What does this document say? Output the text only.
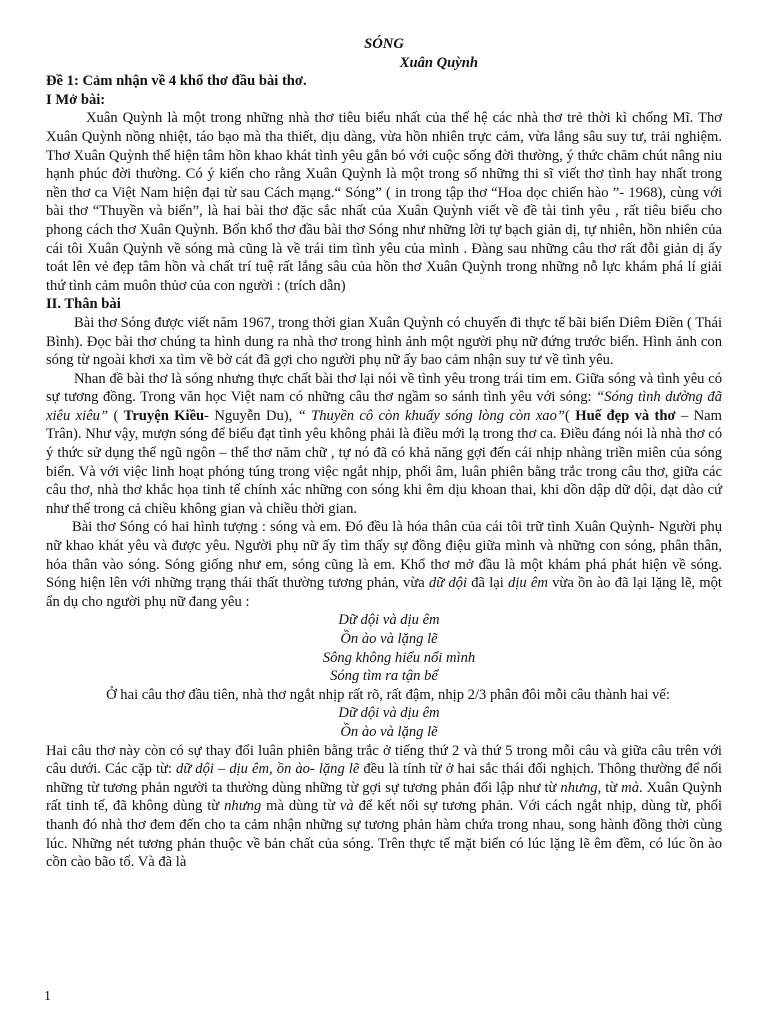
SÓNG

Xuân Quỳnh

Đề 1: Cảm nhận về 4 khổ thơ đầu bài thơ.

I Mở bài:

Xuân Quỳnh là một trong những nhà thơ tiêu biểu nhất của thế hệ các nhà thơ trẻ thời kì chống Mĩ. Thơ Xuân Quỳnh nồng nhiệt, táo bạo mà tha thiết, dịu dàng, vừa hồn nhiên trực cảm, vừa lắng sâu suy tư, trải nghiệm. Thơ Xuân Quỳnh thể hiện tâm hồn khao khát tình yêu gắn bó với cuộc sống đời thường, ý thức chăm chút nâng niu hạnh phúc đời thường. Có ý kiến cho rằng Xuân Quỳnh là một trong số những thi sĩ viết thơ tình hay nhất trong nền thơ ca Việt Nam hiện đại từ sau Cách mạng.“ Sóng” ( in trong tập thơ “Hoa dọc chiến hào ”- 1968), cùng với bài thơ “Thuyền và biển”, là hai bài thơ đặc sắc nhất của Xuân Quỳnh viết về đề tài tình yêu , rất tiêu biểu cho phong cách thơ Xuân Quỳnh. Bốn khổ thơ đầu bài thơ Sóng như những lời tự bạch giản dị, tự nhiên, hồn nhiên của cái tôi Xuân Quỳnh về sóng mà cũng là về trái tim tình yêu của mình . Đàng sau những câu thơ rất đỗi giản dị ấy toát lên vẻ đẹp tâm hồn và chất trí tuệ rất lắng sâu của hồn thơ Xuân Quỳnh trong những nỗ lực khám phá lí giải thứ tình cảm muôn thủơ của con người : (trích dẫn)

II. Thân bài

Bài thơ Sóng được viết năm 1967, trong thời gian Xuân Quỳnh có chuyến đi thực tế bãi biển Diêm Điền ( Thái Bình). Đọc bài thơ chúng ta hình dung ra nhà thơ trong hình ảnh một người phụ nữ đứng trước biển. Hình ảnh con sóng từ ngoài khơi xa tìm về bờ cát đã gợi cho người phụ nữ ấy bao cảm nhận suy tư về tình yêu.

Nhan đề bài thơ là sóng nhưng thực chất bài thơ lại nói về tình yêu trong trái tim em. Giữa sóng và tình yêu có sự tương đồng. Trong văn học Việt nam có những câu thơ ngầm so sánh tình yêu với sóng: “Sóng tình dường đã xiêu xiêu” ( Truyện Kiều- Nguyễn Du), “ Thuyền cô còn khuấy sóng lòng còn xao”( Huế đẹp và thơ – Nam Trân). Như vậy, mượn sóng để biểu đạt tình yêu không phải là điều mới lạ trong thơ ca. Điều đáng nói là nhà thơ có ý thức sử dụng thể ngũ ngôn – thể thơ năm chữ , tự nó đã có khả năng gợi đến cái nhịp nhàng triền miên của sóng biển. Và với việc linh hoạt phóng túng trong việc ngắt nhịp, phối âm, luân phiên bằng trắc trong câu thơ, giữa các câu thơ, nhà thơ khắc họa tinh tế chính xác những con sóng khi êm dịu khoan thai, khi dồn dập dữ dội, dạt dào cứ như thế trong cả chiều không gian và chiều thời gian.

Bài thơ Sóng có hai hình tượng : sóng và em. Đó đều là hóa thân của cái tôi trữ tình Xuân Quỳnh- Người phụ nữ khao khát yêu và được yêu. Người phụ nữ ấy tìm thấy sự đồng điệu giữa mình và những con sóng, phân thân, hóa thân vào sóng. Sóng giống như em, sóng cũng là em. Khổ thơ mở đầu là một khám phá phát hiện về sóng. Sóng hiện lên với những trạng thái thất thường tương phản, vừa dữ dội đã lại dịu êm vừa ồn ào đã lại lặng lẽ, một ẩn dụ cho người phụ nữ đang yêu :

Dữ dội và dịu êm

Ồn ào và lặng lẽ

Sông không hiểu nổi mình

Sóng tìm ra tận bể

Ở hai câu thơ đầu tiên, nhà thơ ngắt nhịp rất rõ, rất đậm, nhịp 2/3 phân đôi mỗi câu thành hai vế:

Dữ dội và dịu êm

Ồn ào và lặng lẽ

Hai câu thơ này còn có sự thay đổi luân phiên bằng trắc ở tiếng thứ 2 và thứ 5 trong mỗi câu và giữa câu trên với câu dưới. Các cặp từ: dữ dội – dịu êm, ồn ào- lặng lẽ đều là tính từ ở hai sắc thái đối nghịch. Thông thường để nối những từ tương phản người ta thường dùng những từ gợi sự tương phản đối lập như từ nhưng, từ mà. Xuân Quỳnh rất tinh tế, đã không dùng từ nhưng mà dùng từ và để kết nối sự tương phản. Với cách ngắt nhịp, dùng từ, phối thanh đó nhà thơ đem đến cho ta cảm nhận những sự tương phản hàm chứa trong nhau, song hành đồng thời cùng lúc. Những nét tương phản thuộc về bản chất của sóng. Trên thực tế mặt biển có lúc lặng lẽ êm đềm, có lúc ồn ào cồn cào bão tố. Và đã là

1
